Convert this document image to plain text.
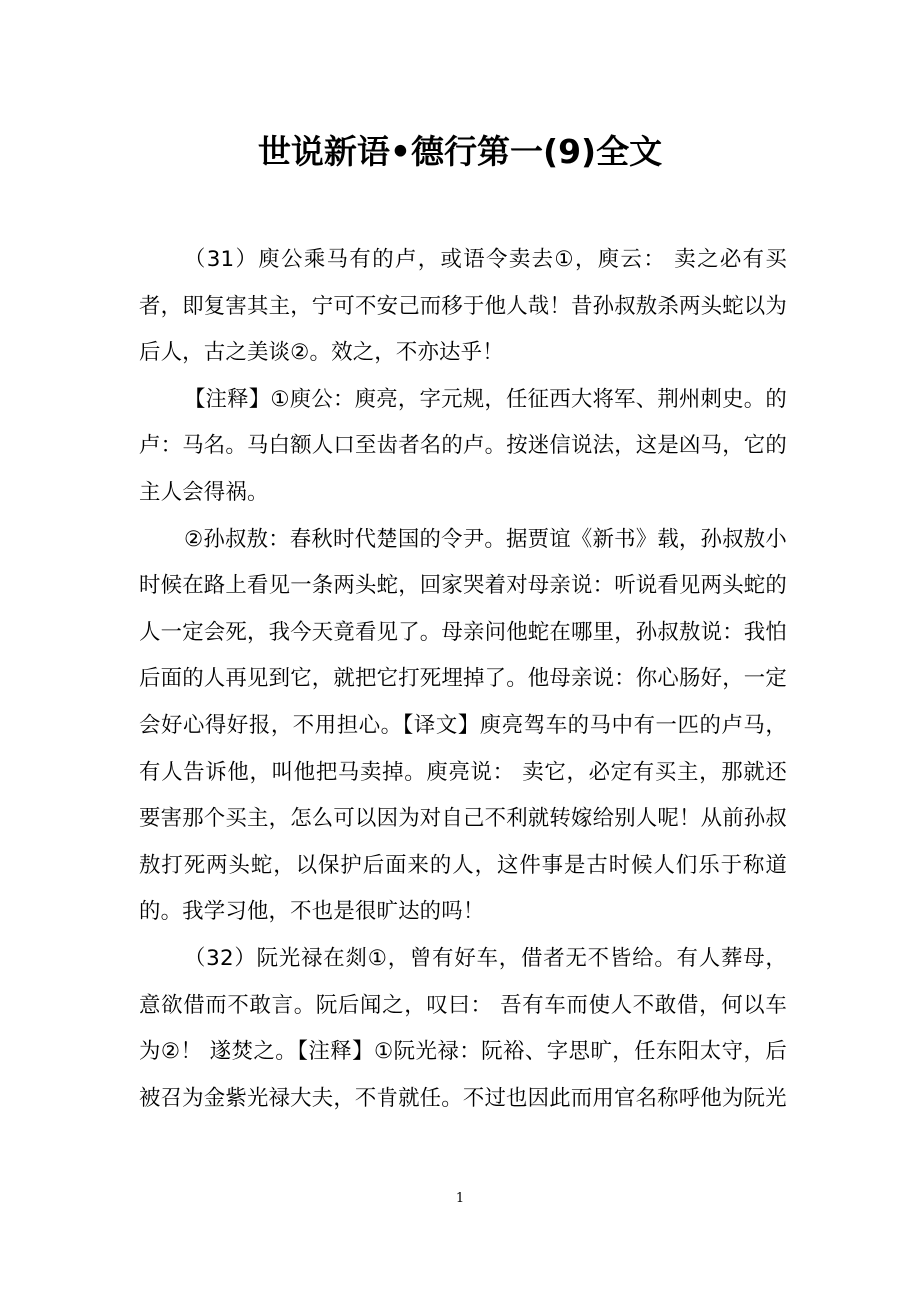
世说新语•德行第一(9)全文

（31）庾公乘马有的卢，或语令卖去①，庾云： 卖之必有买者，即复害其主，宁可不安己而移于他人哉！昔孙叔敖杀两头蛇以为后人，古之美谈②。效之，不亦达乎！

【注释】①庾公：庾亮，字元规，任征西大将军、荆州刺史。的卢：马名。马白额人口至齿者名的卢。按迷信说法，这是凶马，它的主人会得祸。

②孙叔敖：春秋时代楚国的令尹。据贾谊《新书》载，孙叔敖小时候在路上看见一条两头蛇，回家哭着对母亲说：听说看见两头蛇的人一定会死，我今天竟看见了。母亲问他蛇在哪里，孙叔敖说：我怕后面的人再见到它，就把它打死埋掉了。他母亲说：你心肠好，一定会好心得好报，不用担心。【译文】庾亮驾车的马中有一匹的卢马，有人告诉他，叫他把马卖掉。庾亮说： 卖它，必定有买主，那就还要害那个买主，怎么可以因为对自己不利就转嫁给别人呢！从前孙叔敖打死两头蛇，以保护后面来的人，这件事是古时候人们乐于称道的。我学习他，不也是很旷达的吗！

（32）阮光禄在剡①，曾有好车，借者无不皆给。有人葬母，意欲借而不敢言。阮后闻之，叹曰： 吾有车而使人不敢借，何以车为②！ 遂焚之。【注释】①阮光禄：阮裕、字思旷，任东阳太守，后被召为金紫光禄大夫，不肯就任。不过也因此而用官名称呼他为阮光

1
